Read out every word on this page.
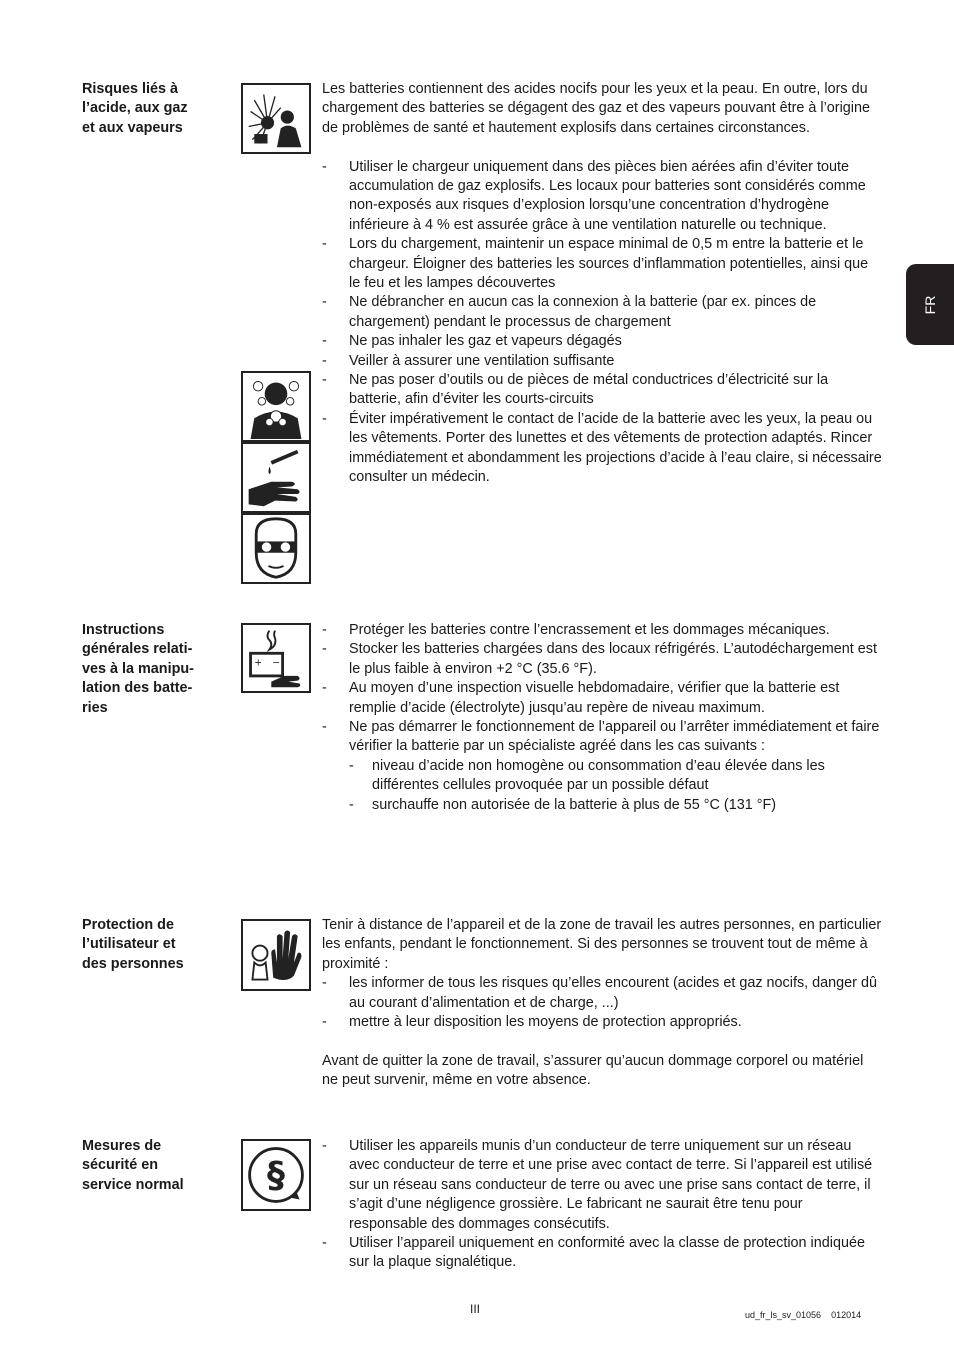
FR
Risques liés à
l’acide, aux gaz
et aux vapeurs

Les batteries contiennent des acides nocifs pour les yeux et la peau. En outre, lors du chargement des batteries se dégagent des gaz et des vapeurs pouvant être à l’origine de problèmes de santé et hautement explosifs dans certaines circonstances.

- Utiliser le chargeur uniquement dans des pièces bien aérées afin d’éviter toute accumulation de gaz explosifs. Les locaux pour batteries sont considérés comme non-exposés aux risques d’explosion lorsqu’une concentration d’hydrogène inférieure à 4 % est assurée grâce à une ventilation naturelle ou technique.
- Lors du chargement, maintenir un espace minimal de 0,5 m entre la batterie et le chargeur. Éloigner des batteries les sources d’inflammation potentielles, ainsi que le feu et les lampes découvertes
- Ne débrancher en aucun cas la connexion à la batterie (par ex. pinces de chargement) pendant le processus de chargement
- Ne pas inhaler les gaz et vapeurs dégagés
- Veiller à assurer une ventilation suffisante
- Ne pas poser d’outils ou de pièces de métal conductrices d’électricité sur la batterie, afin d’éviter les courts-circuits
- Éviter impérativement le contact de l’acide de la batterie avec les yeux, la peau ou les vêtements. Porter des lunettes et des vêtements de protection adaptés. Rincer immédiatement et abondamment les projections d’acide à l’eau claire, si nécessaire consulter un médecin.
Instructions
générales relati-
ves à la manipu-
lation des batte-
ries
+ −
- Protéger les batteries contre l’encrassement et les dommages mécaniques.
- Stocker les batteries chargées dans des locaux réfrigérés. L’autodéchargement est le plus faible à environ +2 °C (35.6 °F).
- Au moyen d’une inspection visuelle hebdomadaire, vérifier que la batterie est remplie d’acide (électrolyte) jusqu’au repère de niveau maximum.
- Ne pas démarrer le fonctionnement de l’appareil ou l’arrêter immédiatement et faire vérifier la batterie par un spécialiste agréé dans les cas suivants :
- niveau d’acide non homogène ou consommation d’eau élevée dans les différentes cellules provoquée par un possible défaut
- surchauffe non autorisée de la batterie à plus de 55 °C (131 °F)
Protection de
l’utilisateur et
des personnes

Tenir à distance de l’appareil et de la zone de travail les autres personnes, en particulier les enfants, pendant le fonctionnement. Si des personnes se trouvent tout de même à proximité :

- les informer de tous les risques qu’elles encourent (acides et gaz nocifs, danger dû au courant d’alimentation et de charge, ...)
- mettre à leur disposition les moyens de protection appropriés.

Avant de quitter la zone de travail, s’assurer qu’aucun dommage corporel ou matériel ne peut survenir, même en votre absence.

Mesures de
sécurité en
service normal	§
- Utiliser les appareils munis d’un conducteur de terre uniquement sur un réseau avec conducteur de terre et une prise avec contact de terre. Si l’appareil est utilisé sur un réseau sans conducteur de terre ou avec une prise sans contact de terre, il s’agit d’une négligence grossière. Le fabricant ne saurait être tenu pour responsable des dommages consécutifs.
- Utiliser l’appareil uniquement en conformité avec la classe de protection indiquée sur la plaque signalétique.
III	ud_fr_ls_sv_01056 012014
